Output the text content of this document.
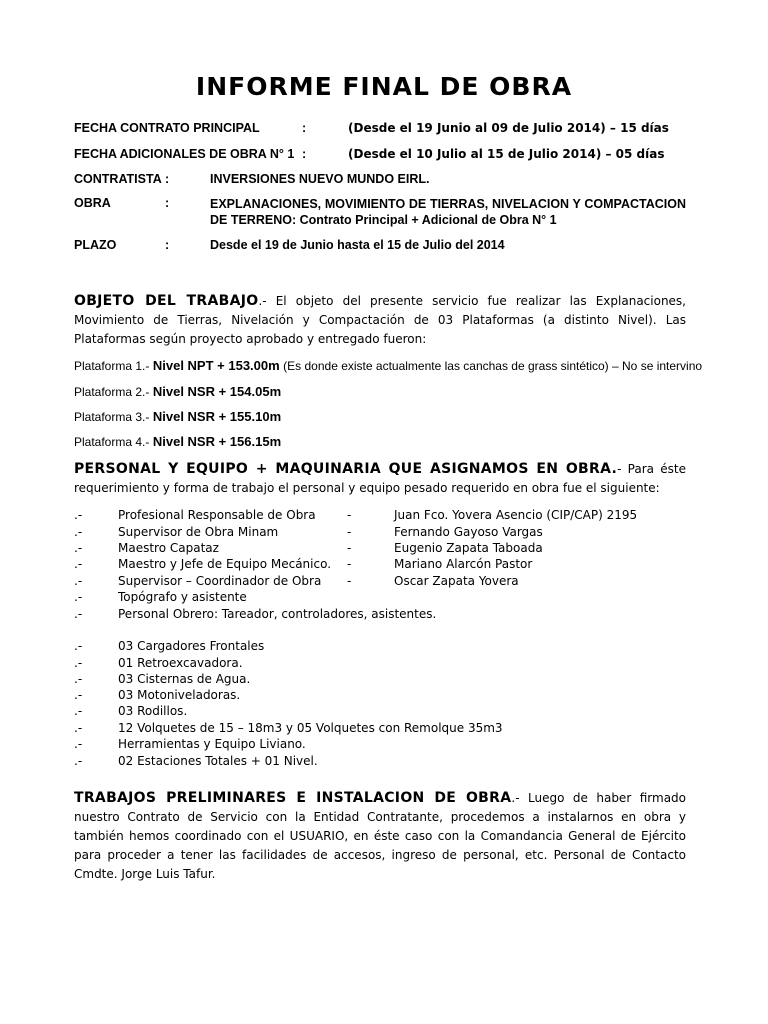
INFORME FINAL DE OBRA
FECHA CONTRATO PRINCIPAL	:	(Desde el 19 Junio al 09 de Julio 2014) – 15 días
FECHA ADICIONALES DE OBRA N° 1 :	(Desde el 10 Julio al 15 de Julio 2014) – 05 días
CONTRATISTA :	INVERSIONES NUEVO MUNDO EIRL.
OBRA	:	EXPLANACIONES, MOVIMIENTO DE TIERRAS, NIVELACION Y COMPACTACION DE TERRENO: Contrato Principal + Adicional de Obra N° 1
PLAZO	:	Desde el 19 de Junio hasta el 15 de Julio del 2014
OBJETO DEL TRABAJO.- El objeto del presente servicio fue realizar las Explanaciones, Movimiento de Tierras, Nivelación y Compactación de 03 Plataformas (a distinto Nivel). Las Plataformas según proyecto aprobado y entregado fueron:
Plataforma 1.- Nivel NPT + 153.00m (Es donde existe actualmente las canchas de grass sintético) – No se intervino
Plataforma 2.- Nivel NSR + 154.05m
Plataforma 3.- Nivel NSR + 155.10m
Plataforma 4.- Nivel NSR + 156.15m
PERSONAL Y EQUIPO + MAQUINARIA QUE ASIGNAMOS EN OBRA.- Para éste requerimiento y forma de trabajo el personal y equipo pesado requerido en obra fue el siguiente:
.-	Profesional Responsable de Obra	-	Juan Fco. Yovera Asencio (CIP/CAP) 2195
.-	Supervisor de Obra Minam	-	Fernando Gayoso Vargas
.-	Maestro Capataz	-	Eugenio Zapata Taboada
.-	Maestro y Jefe de Equipo Mecánico. -	Mariano Alarcón Pastor
.-	Supervisor – Coordinador de Obra -	Oscar Zapata Yovera
.-	Topógrafo y asistente
.-	Personal Obrero: Tareador, controladores, asistentes.
.-	03 Cargadores Frontales
.-	01 Retroexcavadora.
.-	03 Cisternas de Agua.
.-	03 Motoniveladoras.
.-	03 Rodillos.
.-	12 Volquetes de 15 – 18m3 y 05 Volquetes con Remolque 35m3
.-	Herramientas y Equipo Liviano.
.-	02 Estaciones Totales + 01 Nivel.
TRABAJOS PRELIMINARES E INSTALACION DE OBRA.- Luego de haber firmado nuestro Contrato de Servicio con la Entidad Contratante, procedemos a instalarnos en obra y también hemos coordinado con el USUARIO, en éste caso con la Comandancia General de Ejército para proceder a tener las facilidades de accesos, ingreso de personal, etc. Personal de Contacto Cmdte. Jorge Luis Tafur.
